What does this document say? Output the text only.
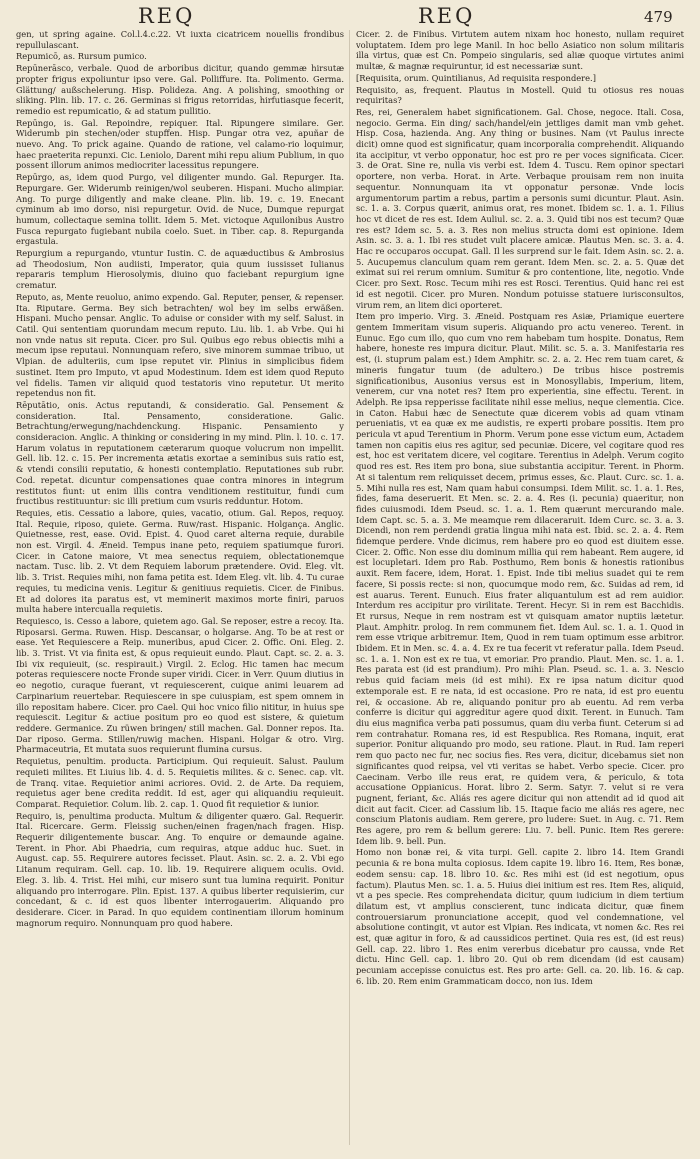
REQ	REQ	479

gen, ut spring againe. Col.l.4.c.22. Vt iuxta cicatricem nouellis frondibus repullulascant.

Repumicō, as. Rursum pumico.

Repūnerāsco, verbale. Quod de arboribus dicitur, quando gemmæ hirsutæ propter frigus expoliuntur ipso vere. Gal. Polliffure. Ita. Polimento. Germa. Glättung/ außschelerung. Hisp. Polideza. Ang. A polishing, smoothing or sliking. Plin. lib. 17. c. 26. Germinas si frigus retorridas, hirfutiasque fecerit, remedio est repumicatio, & ad statum pullitio.

Repūngo, is. Gal. Repoindre, repiquer. Ital. Ripungere similare. Ger. Widerumb pin stechen/oder stupffen. Hisp. Pungar otra vez, apuñar de nuevo. Ang. To prick againe. Quando de ratione, vel calamo-rio loquimur, haec praeterita repunxi. Cic. Leniolo, Darent mihi repu alium Publium, in quo possent illorum animos mediocriter lacessitus repungere.

Repūrgo, as, idem quod Purgo, vel diligenter mundo. Gal. Repurger. Ita. Repurgare. Ger. Widerumb reinigen/wol seuberen. Hispani. Mucho alimpiar. Ang. To purge diligently and make cleane. Plin. lib. 19. c. 19. Enecant cyminum ab imo dorso, nisi repurgetur. Ovid. de Nuce, Dumque repurgat humum, collectaque semina tollit. Idem 5. Met. victoque Aquilonibus Austro Fusca repurgato fugiebant nubila coelo. Suet. in Tiber. cap. 8. Repurganda ergastula.

Repurgium a repurgando, vtuntur Iustin. C. de aquæductibus & Ambrosius ad Theodosium, Non audiisti, Imperator, quia quum iussisset Iulianus repararis templum Hierosolymis, diuino quo faciebant repurgium igne crematur.

Reputo, as, Mente reuoluo, animo expendo. Gal. Reputer, penser, & repenser. Ita. Riputare. Germa. Bey sich betrachten/ wol bey im selbs erwäßen. Hispani. Mucho pensar. Anglic. To aduise or consider with my self. Salust. in Catil. Qui sententiam quorundam mecum reputo. Liu. lib. 1. ab Vrbe. Qui hi non vnde natus sit reputa. Cicer. pro Sul. Quibus ego rebus obiectis mihi a mecum ipse reputaui. Nonnunquam refero, sive minorem summae tribuo, ut Vlpian. de adulteriis, cum ipse reputet vir. Plinius in simplicibus fidem sustinet. Item pro Imputo, vt apud Modestinum. Idem est idem quod Reputo vel fidelis. Tamen vir aliquid quod testatoris vino reputetur. Ut merito repetendus non fit.

Rēputātio, onis. Actus reputandi, & consideratio. Gal. Pensement & consideration. Ital. Pensamento, consideratione. Galic. Betrachtung/erwegung/nachdenckung. Hispanic. Pensamiento y consideracion. Anglic. A thinking or considering in my mind. Plin. l. 10. c. 17. Harum volatus in reputationem cæterarum quoque volucrum non impellit. Gell. lib. 12. c. 15. Per incrementa ætatis exortae a seminibus suis ratio est, & vtendi consilii reputatio, & honesti contemplatio. Reputationes sub rubr. Cod. repetat. dicuntur compensationes quae contra minores in integrum restitutos fiunt: ut enim illis contra venditionem restituitur, fundi cum fructibus restituuntur: sic illi pretium cum vsuris redduntur. Hotom.

Requies, etis. Cessatio a labore, quies, vacatio, otium. Gal. Repos, requoy. Ital. Requie, riposo, quiete. Germa. Ruw/rast. Hispanic. Holgança. Anglic. Quietnesse, rest, ease. Ovid. Epist. 4. Quod caret alterna requie, durabile non est. Virgil. 4. Æneid. Tempus inane peto, requiem spatiumque furori. Cicer. in Catone maiore, Vt mea senectus requiem, oblectationemque nactam. Tusc. lib. 2. Vt dem Requiem laborum prætendere. Ovid. Eleg. vlt. lib. 3. Trist. Requies mihi, non fama petita est. Idem Eleg. vlt. lib. 4. Tu curae requies, tu medicina venis. Legitur & genitiuus requietis. Cicer. de Finibus. Et ad dolores ita paratus est, vt meminerit maximos morte finiri, paruos multa habere intercualla requietis.

Requiesco, is. Cesso a labore, quietem ago. Gal. Se reposer, estre a recoy. Ita. Riposarsi. Germa. Ruwen. Hisp. Descansar, o holgarse. Ang. To be at rest or ease. Yet Requiescere a Reip. muneribus, apud Cicer. 2. Offic. Oni. Eleg. 2. lib. 3. Trist. Vt via finita est, & opus requieuit eundo. Plaut. Capt. sc. 2. a. 3. Ibi vix requieuit, (sc. respirauit.) Virgil. 2. Eclog. Hic tamen hac mecum poteras requiescere nocte Fronde super viridi. Cicer. in Verr. Quum diutius in eo negotio, curaque fuerant, vt requiescerent, cuique animi leuarem ad Carpinarium reuertebar. Requiescere in spe cuiuspiam, est spem omnem in illo repositam habere. Cicer. pro Cael. Qui hoc vnico filio nititur, in huius spe requiescit. Legitur & actiue positum pro eo quod est sistere, & quietum reddere. Germanice. Zu rüwen bringen/ still machen. Gal. Donner repos. Ita. Dar riposo. Germa. Stillen/ruwig machen. Hispani. Holgar & otro. Virg. Pharmaceutria, Et mutata suos requierunt flumina cursus.

Requietus, penultim. producta. Participium. Qui requieuit. Salust. Paulum requieti milites. Et Liuius lib. 4. d. 5. Requietis milites. & c. Senec. cap. vlt. de Tranq. vitae. Requietior animi acriores. Ovid. 2. de Arte. Da requiem, requietus ager bene credita reddit. Id est, ager qui aliquandiu requieuit. Comparat. Requietior. Colum. lib. 2. cap. 1. Quod fit requietior & iunior.

Requiro, is, penultima producta. Multum & diligenter quæro. Gal. Requerir. Ital. Ricercare. Germ. Fleissig suchen/einen fragen/nach fragen. Hisp. Requerir diligentemente buscar. Ang. To enquire or demaunde againe. Terent. in Phor. Abi Phaedria, cum requiras, atque adduc huc. Suet. in August. cap. 55. Requirere autores fecisset. Plaut. Asin. sc. 2. a. 2. Vbi ego Litanum requiram. Gell. cap. 10. lib. 19. Requirere aliquem oculis. Ovid. Eleg. 3. lib. 4. Trist. Hei mihi, cur misero sunt tua lumina requirit. Ponitur aliquando pro interrogare. Plin. Epist. 137. A quibus liberter requisierim, cur concedant, & c. id est quos libenter interrogauerim. Aliquando pro desiderare. Cicer. in Parad. In quo equidem continentiam illorum hominum magnorum requiro. Nonnunquam pro quod habere.

Cicer. 2. de Finibus. Virtutem autem nixam hoc honesto, nullam requiret voluptatem. Idem pro lege Manil. In hoc bello Asiatico non solum militaris illa virtus, quæ est Cn. Pompeio singularis, sed aliæ quoque virtutes animi multæ, & magnæ requiruntur, id est necessariæ sunt.

[Requisita, orum. Quintilianus, Ad requisita respondere.]

Requisito, as, frequent. Plautus in Mostell. Quid tu otiosus res nouas requiritas?

Res, rei, Generalem habet significationem. Gal. Chose, negoce. Itali. Cosa, negocio. Germa. Ein ding/ sach/handel/ein jettliges damit man vmb gehet. Hisp. Cosa, hazienda. Ang. Any thing or busines. Nam (vt Paulus inrecte dicit) omne quod est significatur, quam incorporalia comprehendit. Aliquando ita accipitur, vt verbo opponatur, hoc est pro re per voces significata. Cicer. 3. de Orat. Sine re, nulla vis verbi est. Idem 4. Tuscu. Rem opinor spectari oportere, non verba. Horat. in Arte. Verbaque prouisam rem non inuita sequentur. Nonnunquam ita vt opponatur personæ. Vnde locis argumentorum partim a rebus, partim a personis sumi dicuntur. Plaut. Asin. sc. 1. a. 3. Corpus quærit, animus orat, res monet. Ibidem sc. 1. a. 1. Filius hoc vt dicet de res est. Idem Auliul. sc. 2. a. 3. Quid tibi nos est tecum? Quæ res est? Idem sc. 5. a. 3. Res non melius structa domi est opinione. Idem Asin. sc. 3. a. 1. Ibi res studet vult placere amicæ. Plautus Men. sc. 3. a. 4. Hac re occuparos occupat. Gall. Il les surprend sur le fait. Idem Asin. sc. 2. a. 5. Aucupemus clanculum quam rem gerant. Idem Men. sc. 2. a. 5. Quæ det eximat sui rei rerum omnium. Sumitur & pro contentione, lite, negotio. Vnde Cicer. pro Sext. Rosc. Tecum mihi res est Rosci. Terentius. Quid hanc rei est id est negotii. Cicer. pro Muren. Nondum potuisse statuere iurisconsultos, virum rem, an litem dici oporteret.

Item pro imperio. Virg. 3. Æneid. Postquam res Asiæ, Priamique euertere gentem Immeritam visum superis. Aliquando pro actu venereo. Terent. in Eunuc. Ego cum illo, quo cum vno rem habebam tum hospite. Donatus, Rem habere, honeste res impura dicitur. Plaut. Milit. sc. 5. a. 3. Manifestaria res est, (i. stuprum palam est.) Idem Amphitr. sc. 2. a. 2. Hec rem tuam caret, & mineris fungatur tuum (de adultero.) De tribus hisce postremis significationibus, Ausonius versus est in Monosyllabis, Imperium, litem, venerem, cur vna notet res? Item pro experientia, sine effectu. Terent. in Adelph. Re ipsa repperisse facilitate nihil esse melius, neque clementia. Cice. in Caton. Habui hæc de Senectute quæ dicerem vobis ad quam vtinam perueniatis, vt ea quæ ex me audistis, re experti probare possitis. Item pro pericula vt apud Terentium in Phorm. Verum pone esse victum eum, Actadem tamen non capitis eius res agitur, sed pecuniæ. Dicere, vel cogitare quod res est, hoc est veritatem dicere, vel cogitare. Terentius in Adelph. Verum cogito quod res est. Res item pro bona, siue substantia accipitur. Terent. in Phorm. At si talentum rem reliquisset decem, primus esses, &c. Plaut. Curc. sc. 1. a. 5. Mihi nulla res est, Nam quam habui consumpsi. Idem Milit. sc. 1. a. 1. Res, fides, fama deseruerit. Et Men. sc. 2. a. 4. Res (i. pecunia) quaeritur, non fides cuiusmodi. Idem Pseud. sc. 1. a. 1. Rem quærunt mercurando male. Idem Capt. sc. 5. a. 3. Me meamque rem dilaceraruit. Idem Curc. sc. 3. a. 3. Dicendi, non rem perdendi gratia lingua mihi nata est. Ibid. sc. 2. a. 4. Rem fidemque perdere. Vnde dicimus, rem habere pro eo quod est diuitem esse. Cicer. 2. Offic. Non esse diu dominum millia qui rem habeant. Rem augere, id est locupletari. Idem pro Rab. Posthumo, Rem bonis & honestis rationibus auxit. Rem facere, idem, Horat. 1. Epist. Inde tibi melius suadet qui te rem facere, Si possis recte: si non, quocumque modo rem, &c. Suidas ad rem, id est auarus. Terent. Eunuch. Eius frater aliquantulum est ad rem auidior. Interdum res accipitur pro virilitate. Terent. Hecyr. Si in rem est Bacchidis. Et rursus, Neque in rem nostram est vt quisquam amator nuptiis lætetur. Plaut. Amphitr. prolog. In rem communem fiet. Idem Aul. sc. 1. a. 1. Quod in rem esse vtrique arbitremur. Item, Quod in rem tuam optimum esse arbitror. Ibidem. Et in Men. sc. 4. a. 4. Ex re tua fecerit vt referatur palla. Idem Pseud. sc. 1. a. 1. Non est ex re tua, vt emoriar. Pro prandio. Plaut. Men. sc. 1. a. 1. Res parata est (id est prandium). Pro mihi: Plan. Pseud. sc. 1. a. 3. Nescio rebus quid faciam meis (id est mihi). Ex re ipsa natum dicitur quod extemporale est. E re nata, id est occasione. Pro re nata, id est pro euentu rei, & occasione. Ab re, aliquando ponitur pro ab euentu. Ad rem verba conferre is dicitur qui aggreditur agere quod dixit. Terent. in Eunuch. Tam diu eius magnifica verba pati possumus, quam diu verba fiunt. Ceterum si ad rem contrahatur. Romana res, id est Respublica. Res Romana, inquit, erat superior. Ponitur aliquando pro modo, seu ratione. Plaut. in Rud. Iam reperi rem quo pacto nec fur, nec socius fies. Res vera, dicitur, dicebamus siet non significantes quod reipsa, vel vti veritas se habet. Verbo specie. Cicer. pro Caecinam. Verbo ille reus erat, re quidem vera, & periculo, & tota accusatione Oppianicus. Horat. libro 2. Serm. Satyr. 7. velut si re vera pugnent, feriant, &c. Aliás res agere dicitur qui non attendit ad id quod ait dicit aut facit. Cicer. ad Cassium lib. 15. Itaque facio me aliás res agere, nec conscium Platonis audiam. Rem gerere, pro ludere: Suet. in Aug. c. 71. Rem Res agere, pro rem & bellum gerere: Liu. 7. bell. Punic. Item Res gerere: Idem lib. 9. bell. Pun.

Homo non bonæ rei, & vita turpi. Gell. capite 2. libro 14. Item Grandi pecunia & re bona multa copiosus. Idem capite 19. libro 16. Item, Res bonæ, eodem sensu: cap. 18. libro 10. &c. Res mihi est (id est negotium, opus factum). Plautus Men. sc. 1. a. 5. Huius diei initium est res. Item Res, aliquid, vt a pes specie. Res comprehendata dicitur, quum iudicium in diem tertium dilatum est, vt amplius conscierent, tunc indicata dicitur, quæ finem controuersiarum pronunciatione accepit, quod vel condemnatione, vel absolutione contingit, vt autor est Vlpian. Res indicata, vt nomen &c. Res rei est, quæ agitur in foro, & ad caussidicos pertinet. Quia res est, (id est reus) Gell. cap. 22. libro 1. Res enim vererbus dicebatur pro caussa, vnde Ret dictu. Hinc Gell. cap. 1. libro 20. Qui ob rem dicendam (id est causam) pecuniam accepisse conuictus est. Res pro arte: Gell. ca. 20. lib. 16. & cap. 6. lib. 20. Rem enim Grammaticam docco, non ius. Idem
